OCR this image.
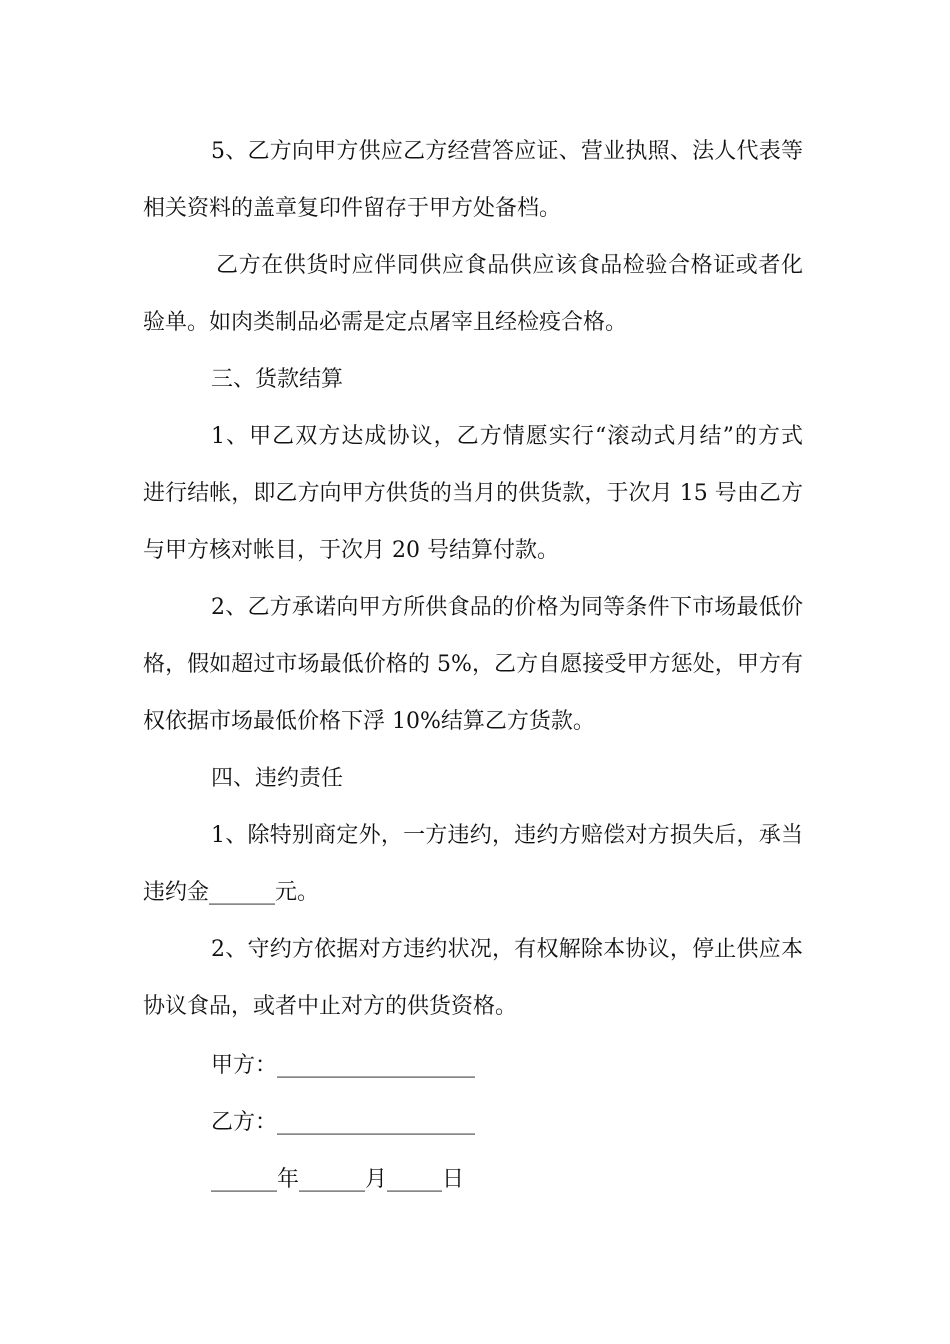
5、乙方向甲方供应乙方经营答应证、营业执照、法人代表等
相关资料的盖章复印件留存于甲方处备档。
乙方在供货时应伴同供应食品供应该食品检验合格证或者化
验单。如肉类制品必需是定点屠宰且经检疫合格。
三、货款结算
1、甲乙双方达成协议，乙方情愿实行“滚动式月结”的方式
进行结帐，即乙方向甲方供货的当月的供货款，于次月 15 号由乙方
与甲方核对帐目，于次月 20 号结算付款。
2、乙方承诺向甲方所供食品的价格为同等条件下市场最低价
格，假如超过市场最低价格的 5%，乙方自愿接受甲方惩处，甲方有
权依据市场最低价格下浮 10%结算乙方货款。
四、违约责任
1、除特别商定外，一方违约，违约方赔偿对方损失后，承当
违约金______元。
2、守约方依据对方违约状况，有权解除本协议，停止供应本
协议食品，或者中止对方的供货资格。
甲方：__________________
乙方：__________________
______年______月_____日
